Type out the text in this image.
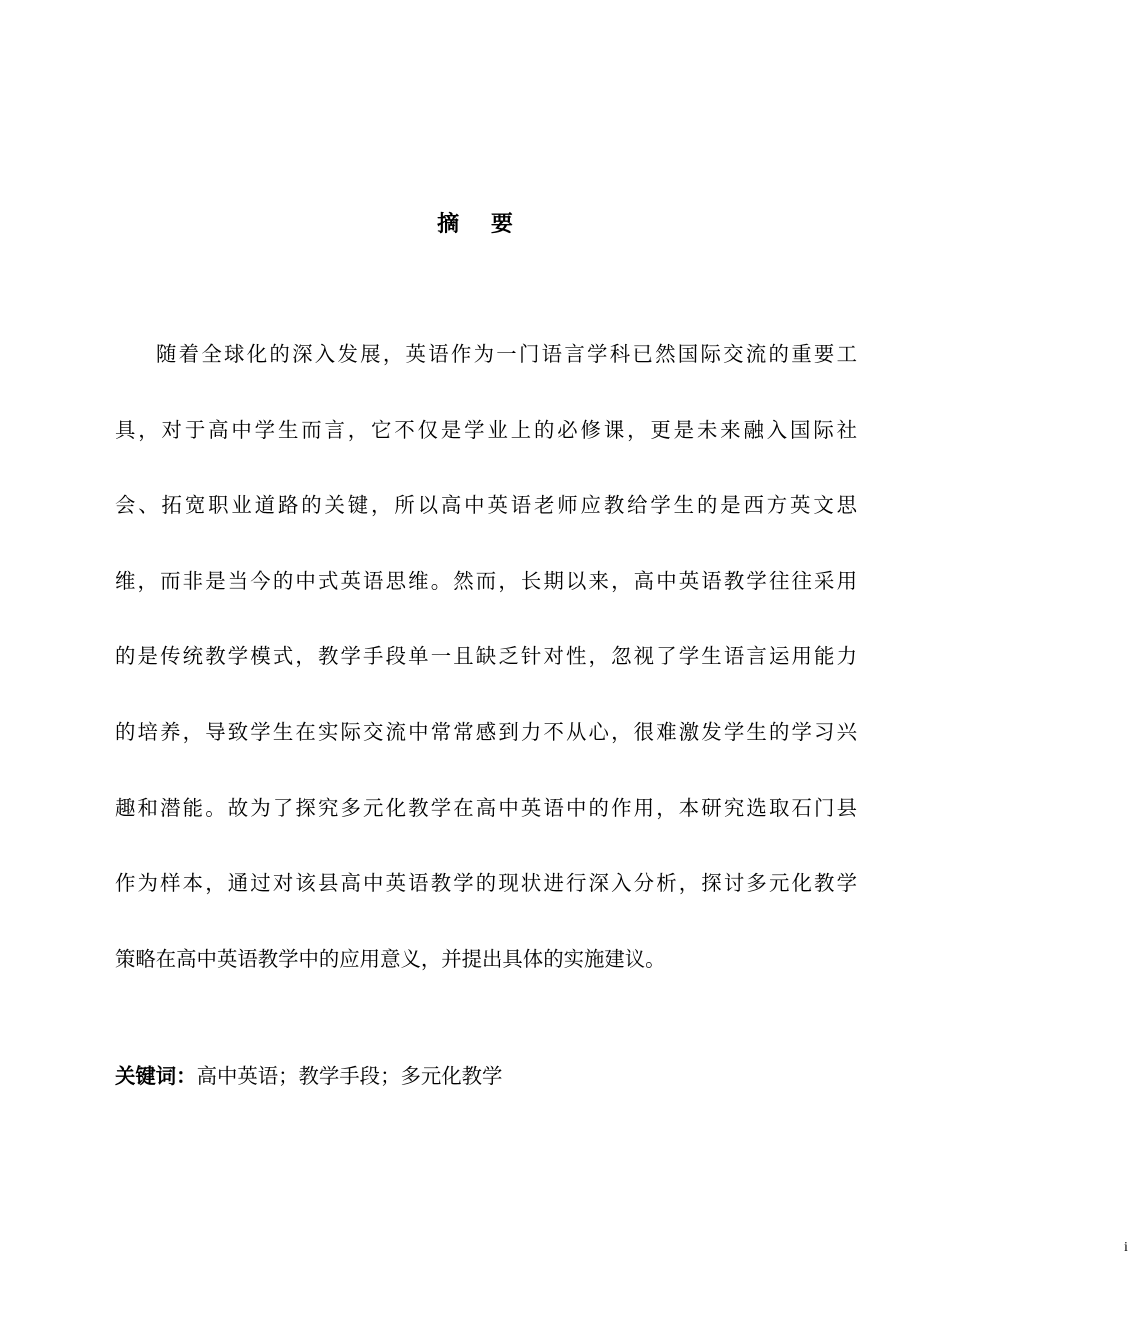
摘 要
随着全球化的深入发展，英语作为一门语言学科已然国际交流的重要工
具，对于高中学生而言，它不仅是学业上的必修课，更是未来融入国际社
会、拓宽职业道路的关键，所以高中英语老师应教给学生的是西方英文思
维，而非是当今的中式英语思维。然而，长期以来，高中英语教学往往采用
的是传统教学模式，教学手段单一且缺乏针对性，忽视了学生语言运用能力
的培养，导致学生在实际交流中常常感到力不从心，很难激发学生的学习兴
趣和潜能。故为了探究多元化教学在高中英语中的作用，本研究选取石门县
作为样本，通过对该县高中英语教学的现状进行深入分析，探讨多元化教学
策略在高中英语教学中的应用意义，并提出具体的实施建议。
关键词：高中英语；教学手段；多元化教学
i
